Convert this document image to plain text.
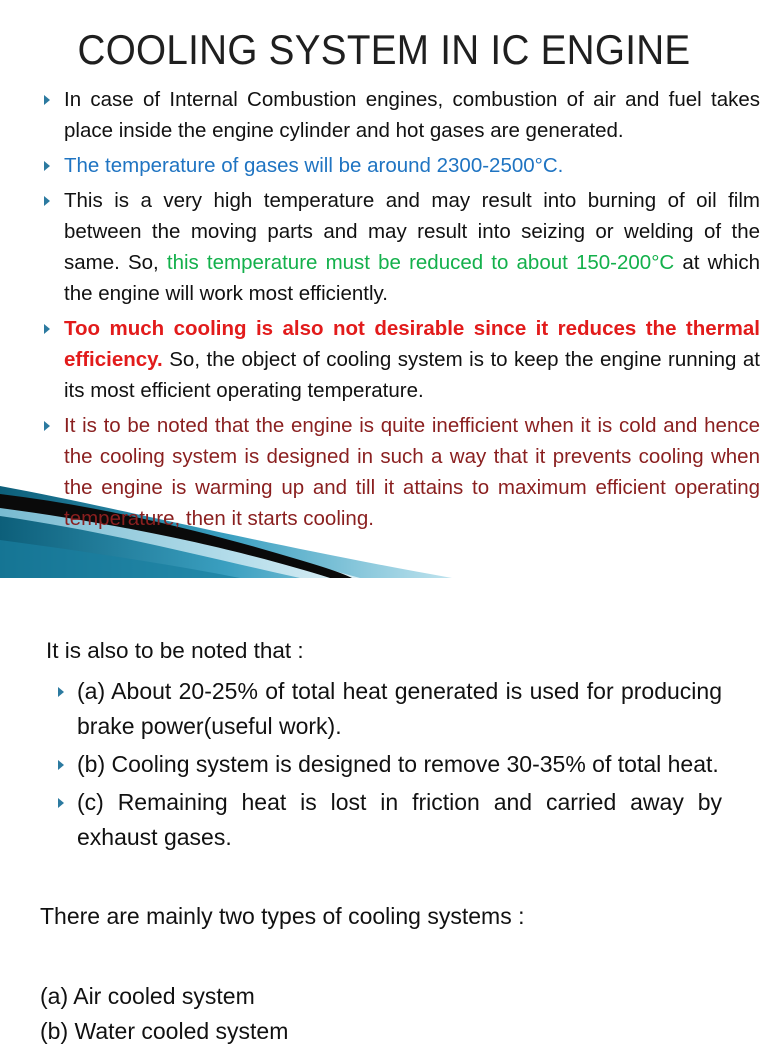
COOLING SYSTEM IN IC ENGINE
In case of Internal Combustion engines, combustion of air and fuel takes place inside the engine cylinder and hot gases are generated.
The temperature of gases will be around 2300-2500°C.
This is a very high temperature and may result into burning of oil film between the moving parts and may result into seizing or welding of the same. So, this temperature must be reduced to about 150-200°C at which the engine will work most efficiently.
Too much cooling is also not desirable since it reduces the thermal efficiency. So, the object of cooling system is to keep the engine running at its most efficient operating temperature.
It is to be noted that the engine is quite inefficient when it is cold and hence the cooling system is designed in such a way that it prevents cooling when the engine is warming up and till it attains to maximum efficient operating temperature, then it starts cooling.
It is also to be noted that :
(a) About 20-25% of total heat generated is used for producing brake power(useful work).
(b) Cooling system is designed to remove 30-35% of total heat.
(c) Remaining heat is lost in friction and carried away by exhaust gases.
There are mainly two types of cooling systems :
(a) Air cooled system
(b) Water cooled system
